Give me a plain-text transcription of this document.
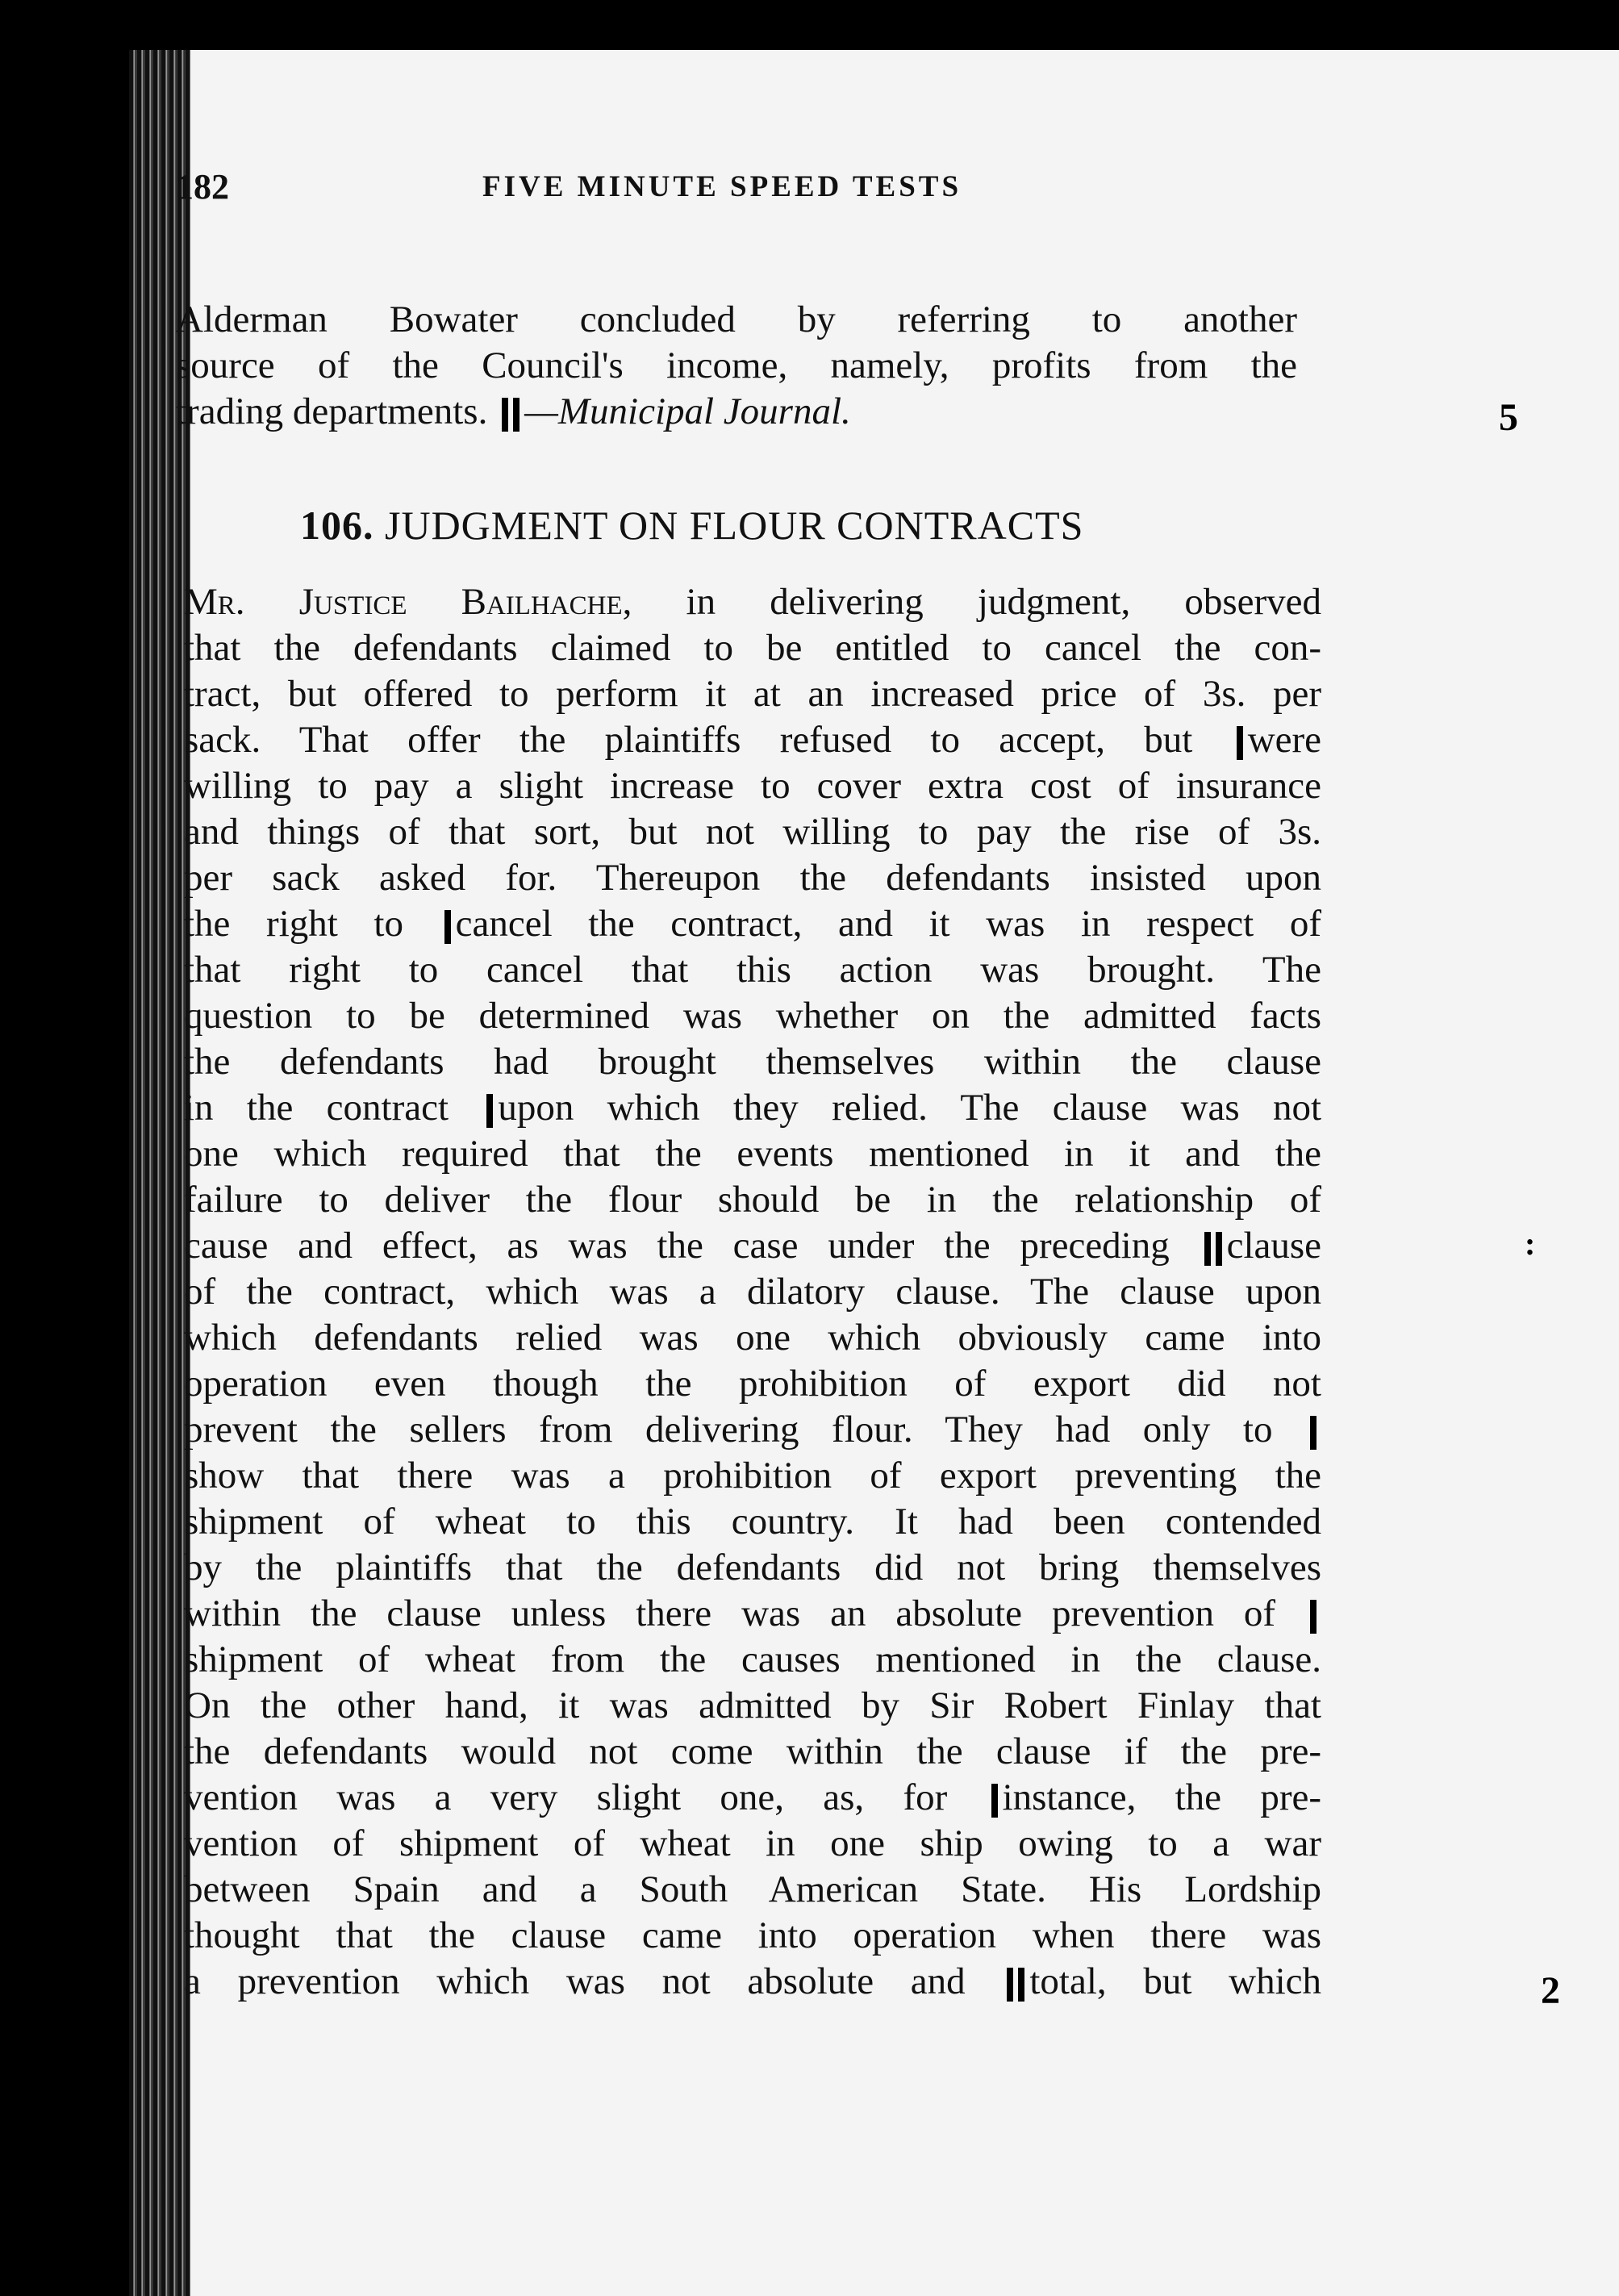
182	FIVE MINUTE SPEED TESTS
Alderman Bowater concluded by referring to another
source of the Council's income, namely, profits from the
trading departments. —Municipal Journal.	5
106. JUDGMENT ON FLOUR CONTRACTS
Mr. Justice Bailhache, in delivering judgment, observed
that the defendants claimed to be entitled to cancel the con-
tract, but offered to perform it at an increased price of 3s. per
sack. That offer the plaintiffs refused to accept, but were
willing to pay a slight increase to cover extra cost of insurance
and things of that sort, but not willing to pay the rise of 3s.
per sack asked for. Thereupon the defendants insisted upon
the right to cancel the contract, and it was in respect of
that right to cancel that this action was brought. The
question to be determined was whether on the admitted facts
the defendants had brought themselves within the clause
in the contract upon which they relied. The clause was not
one which required that the events mentioned in it and the
failure to deliver the flour should be in the relationship of
cause and effect, as was the case under the preceding clause
of the contract, which was a dilatory clause. The clause upon
which defendants relied was one which obviously came into
operation even though the prohibition of export did not
prevent the sellers from delivering flour. They had only to
show that there was a prohibition of export preventing the
shipment of wheat to this country. It had been contended
by the plaintiffs that the defendants did not bring themselves
within the clause unless there was an absolute prevention of
shipment of wheat from the causes mentioned in the clause.
On the other hand, it was admitted by Sir Robert Finlay that
the defendants would not come within the clause if the pre-
vention was a very slight one, as, for instance, the pre-
vention of shipment of wheat in one ship owing to a war
between Spain and a South American State. His Lordship
thought that the clause came into operation when there was
a prevention which was not absolute and total, but which
:
2
